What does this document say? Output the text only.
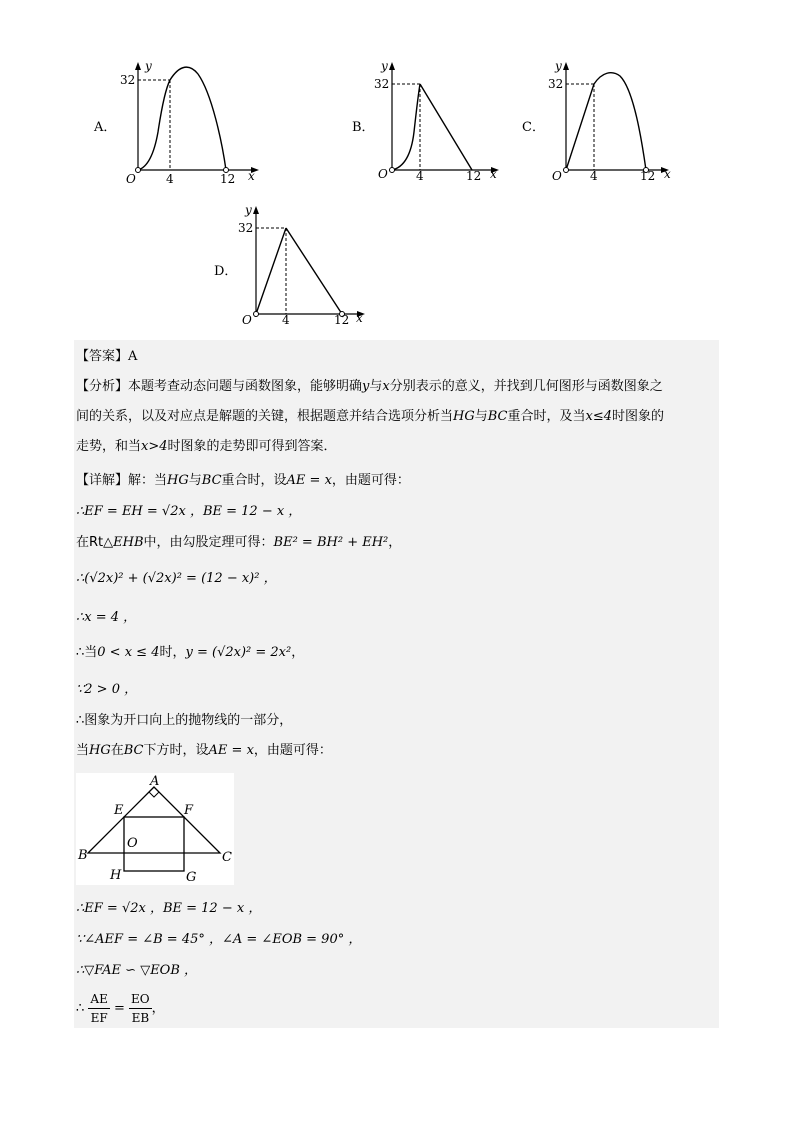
A．
y
32
O	4	12 x
B．
y
32
O 4	12 x
C．
y
32
O 4	12 x
D．
y
32
O	4	12 x
【答案】A
【分析】本题考查动态问题与函数图象，能够明确y与x分别表示的意义，并找到几何图形与函数图象之
间的关系，以及对应点是解题的关键，根据题意并结合选项分析当HG与BC重合时，及当x≤4时图象的
走势，和当x>4时图象的走势即可得到答案．
【详解】解：当HG与BC重合时，设AE = x，由题可得：
∴EF = EH = √2x ，BE = 12 − x ，
在Rt△EHB中，由勾股定理可得：BE² = BH² + EH²，
∴(√2x)² + (√2x)² = (12 − x)² ，
∴x = 4 ，
∴当0 < x ≤ 4时，y = (√2x)² = 2x²，
∵2 > 0 ，
∴图象为开口向上的抛物线的一部分，
当HG在BC下方时，设AE = x，由题可得：
A
E	F
B
O
C
H	G
∴EF = √2x ，BE = 12 − x ，
∵∠AEF = ∠B = 45° ，∠A = ∠EOB = 90° ，
∴▽FAE ∽ ▽EOB ，
∴ $\frac{AE}{EF} = \frac{EO}{EB}$ ，
